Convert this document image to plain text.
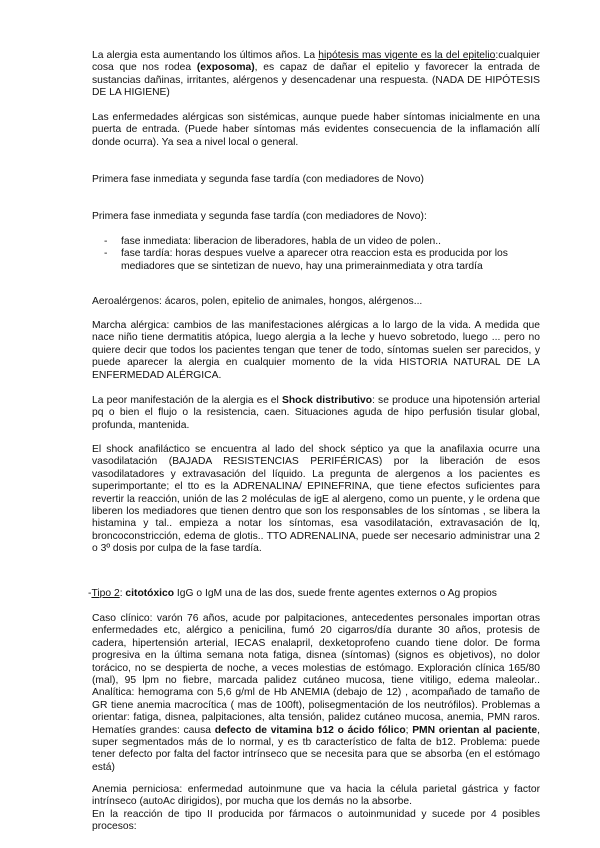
La alergia esta aumentando los últimos años. La hipótesis mas vigente es la del epitelio:cualquier cosa que nos rodea (exposoma), es capaz de dañar el epitelio y favorecer la entrada de sustancias dañinas, irritantes, alérgenos y desencadenar una respuesta. (NADA DE HIPÓTESIS DE LA HIGIENE)

Las enfermedades alérgicas son sistémicas, aunque puede haber síntomas inicialmente en una puerta de entrada. (Puede haber síntomas más evidentes consecuencia de la inflamación allí donde ocurra). Ya sea a nivel local o general.

Primera fase inmediata y segunda fase tardía (con mediadores de Novo)

Primera fase inmediata y segunda fase tardía (con mediadores de Novo):

- fase inmediata: liberacion de liberadores, habla de un video de polen..
- fase tardía: horas despues vuelve a aparecer otra reaccion esta es producida por los mediadores que se sintetizan de nuevo, hay una primerainmediata y otra tardía

Aeroalérgenos: ácaros, polen, epitelio de animales, hongos, alérgenos...

Marcha alérgica: cambios de las manifestaciones alérgicas a lo largo de la vida. A medida que nace niño tiene dermatitis atópica, luego alergia a la leche y huevo sobretodo, luego ... pero no quiere decir que todos los pacientes tengan que tener de todo, síntomas suelen ser parecidos, y puede aparecer la alergia en cualquier momento de la vida HISTORIA NATURAL DE LA ENFERMEDAD ALÉRGICA.

La peor manifestación de la alergia es el Shock distributivo: se produce una hipotensión arterial pq o bien el flujo o la resistencia, caen. Situaciones aguda de hipo perfusión tisular global, profunda, mantenida.

El shock anafiláctico se encuentra al lado del shock séptico ya que la anafilaxia ocurre una vasodilatación (BAJADA RESISTENCIAS PERIFÉRICAS) por la liberación de esos vasodilatadores y extravasación del líquido. La pregunta de alergenos a los pacientes es superimportante; el tto es la ADRENALINA/ EPINEFRINA, que tiene efectos suficientes para revertir la reacción, unión de las 2 moléculas de igE al alergeno, como un puente, y le ordena que liberen los mediadores que tienen dentro que son los responsables de los síntomas , se libera la histamina y tal.. empieza a notar los síntomas, esa vasodilatación, extravasación de lq, broncoconstricción, edema de glotis.. TTO ADRENALINA, puede ser necesario administrar una 2 o 3º dosis por culpa de la fase tardía.

-Tipo 2: citotóxico IgG o IgM una de las dos, suede frente agentes externos o Ag propios

Caso clínico: varón 76 años, acude por palpitaciones, antecedentes personales importan otras enfermedades etc, alérgico a penicilina, fumó 20 cigarros/día durante 30 años, protesis de cadera, hipertensión arterial, IECAS enalapril, dexketoprofeno cuando tiene dolor. De forma progresiva en la última semana nota fatiga, disnea (síntomas) (signos es objetivos), no dolor torácico, no se despierta de noche, a veces molestias de estómago. Exploración clínica 165/80 (mal), 95 lpm no fiebre, marcada palidez cutáneo mucosa, tiene vitiligo, edema maleolar.. Analítica: hemograma con 5,6 g/ml de Hb ANEMIA (debajo de 12) , acompañado de tamaño de GR tiene anemia macrocítica ( mas de 100ft), polisegmentación de los neutrófilos). Problemas a orientar: fatiga, disnea, palpitaciones, alta tensión, palidez cutáneo mucosa, anemia, PMN raros. Hematíes grandes: causa defecto de vitamina b12 o ácido fólico; PMN orientan al paciente, super segmentados más de lo normal, y es tb característico de falta de b12. Problema: puede tener defecto por falta del factor intrínseco que se necesita para que se absorba (en el estómago está)

Anemia perniciosa: enfermedad autoinmune que va hacia la célula parietal gástrica y factor intrínseco (autoAc dirigidos), por mucha que los demás no la absorbe.

En la reacción de tipo II producida por fármacos o autoinmunidad y sucede por 4 posibles procesos:
